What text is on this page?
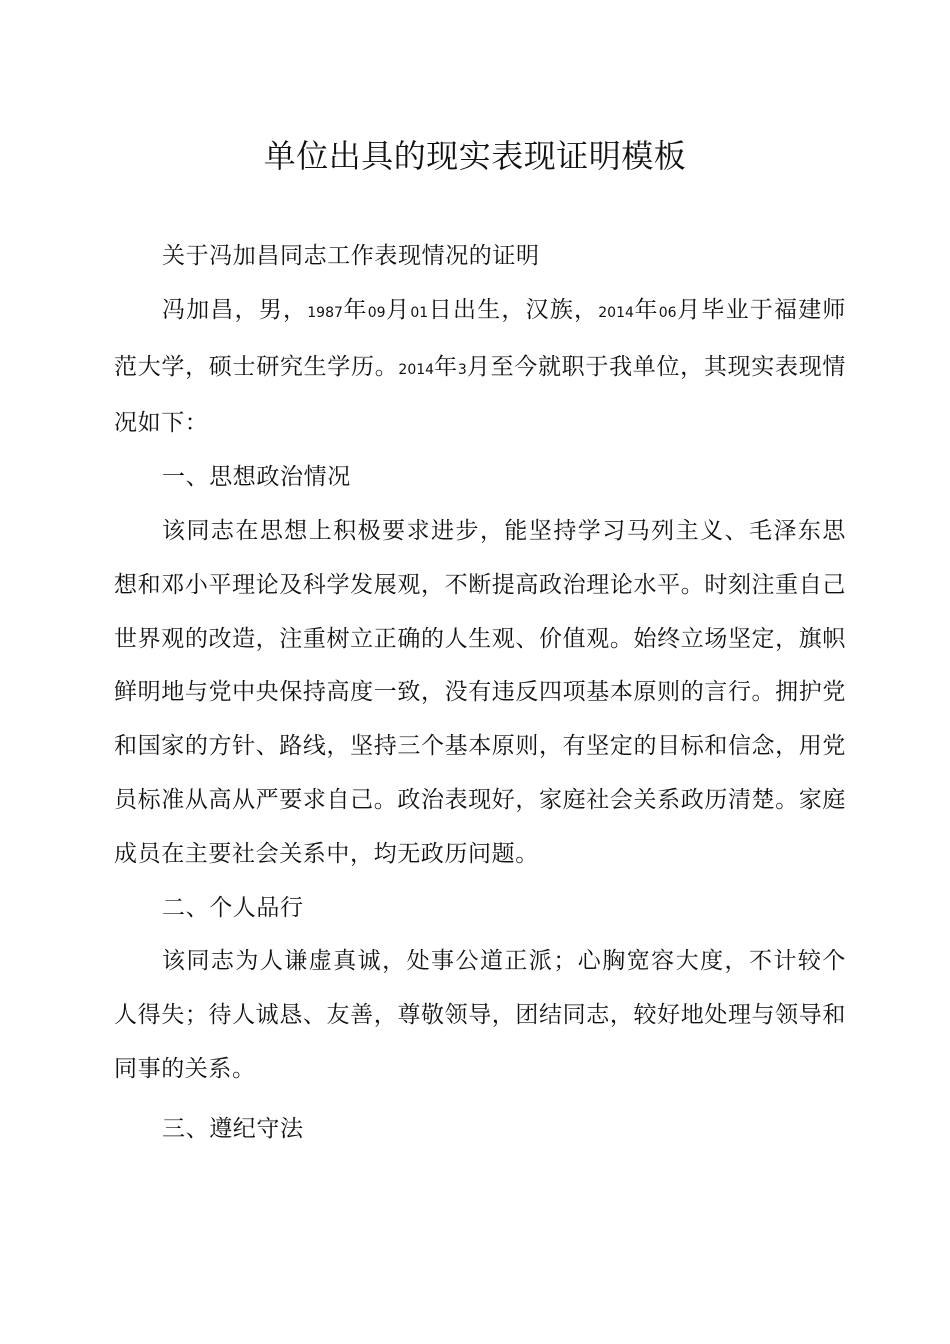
单位出具的现实表现证明模板

关于冯加昌同志工作表现情况的证明

冯加昌，男，1987年09月01日出生，汉族，2014年06月毕业于福建师范大学，硕士研究生学历。2014年3月至今就职于我单位，其现实表现情况如下：

一、思想政治情况

该同志在思想上积极要求进步，能坚持学习马列主义、毛泽东思想和邓小平理论及科学发展观，不断提高政治理论水平。时刻注重自己世界观的改造，注重树立正确的人生观、价值观。始终立场坚定，旗帜鲜明地与党中央保持高度一致，没有违反四项基本原则的言行。拥护党和国家的方针、路线，坚持三个基本原则，有坚定的目标和信念，用党员标准从高从严要求自己。政治表现好，家庭社会关系政历清楚。家庭成员在主要社会关系中，均无政历问题。

二、个人品行

该同志为人谦虚真诚，处事公道正派；心胸宽容大度，不计较个人得失；待人诚恳、友善，尊敬领导，团结同志，较好地处理与领导和同事的关系。

三、遵纪守法
